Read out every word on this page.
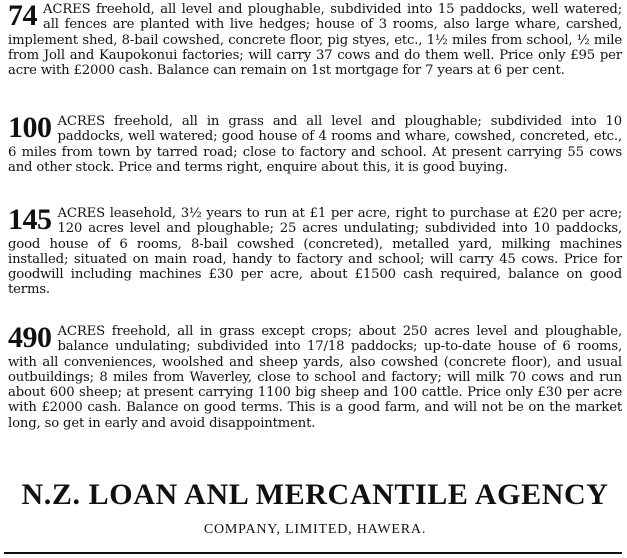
74 ACRES freehold, all level and ploughable, subdivided into 15 paddocks, well watered; all fences are planted with live hedges; house of 3 rooms, also large whare, carshed, implement shed, 8-bail cowshed, concrete floor, pig styes, etc., 1½ miles from school, ½ mile from Joll and Kaupokonui factories; will carry 37 cows and do them well. Price only £95 per acre with £2000 cash. Balance can remain on 1st mortgage for 7 years at 6 per cent.
100 ACRES freehold, all in grass and all level and ploughable; subdivided into 10 paddocks, well watered; good house of 4 rooms and whare, cowshed, concreted, etc., 6 miles from town by tarred road; close to factory and school. At present carrying 55 cows and other stock. Price and terms right, enquire about this, it is good buying.
145 ACRES leasehold, 3½ years to run at £1 per acre, right to purchase at £20 per acre; 120 acres level and ploughable; 25 acres undulating; subdivided into 10 paddocks, good house of 6 rooms, 8-bail cowshed (concreted), metalled yard, milking machines installed; situated on main road, handy to factory and school; will carry 45 cows. Price for goodwill including machines £30 per acre, about £1500 cash required, balance on good terms.
490 ACRES freehold, all in grass except crops; about 250 acres level and ploughable, balance undulating; subdivided into 17/18 paddocks; up-to-date house of 6 rooms, with all conveniences, woolshed and sheep yards, also cowshed (concrete floor), and usual outbuildings; 8 miles from Waverley, close to school and factory; will milk 70 cows and run about 600 sheep; at present carrying 1100 big sheep and 100 cattle. Price only £30 per acre with £2000 cash. Balance on good terms. This is a good farm, and will not be on the market long, so get in early and avoid disappointment.
N.Z. LOAN ANL MERCANTILE AGENCY
COMPANY, LIMITED, HAWERA.
